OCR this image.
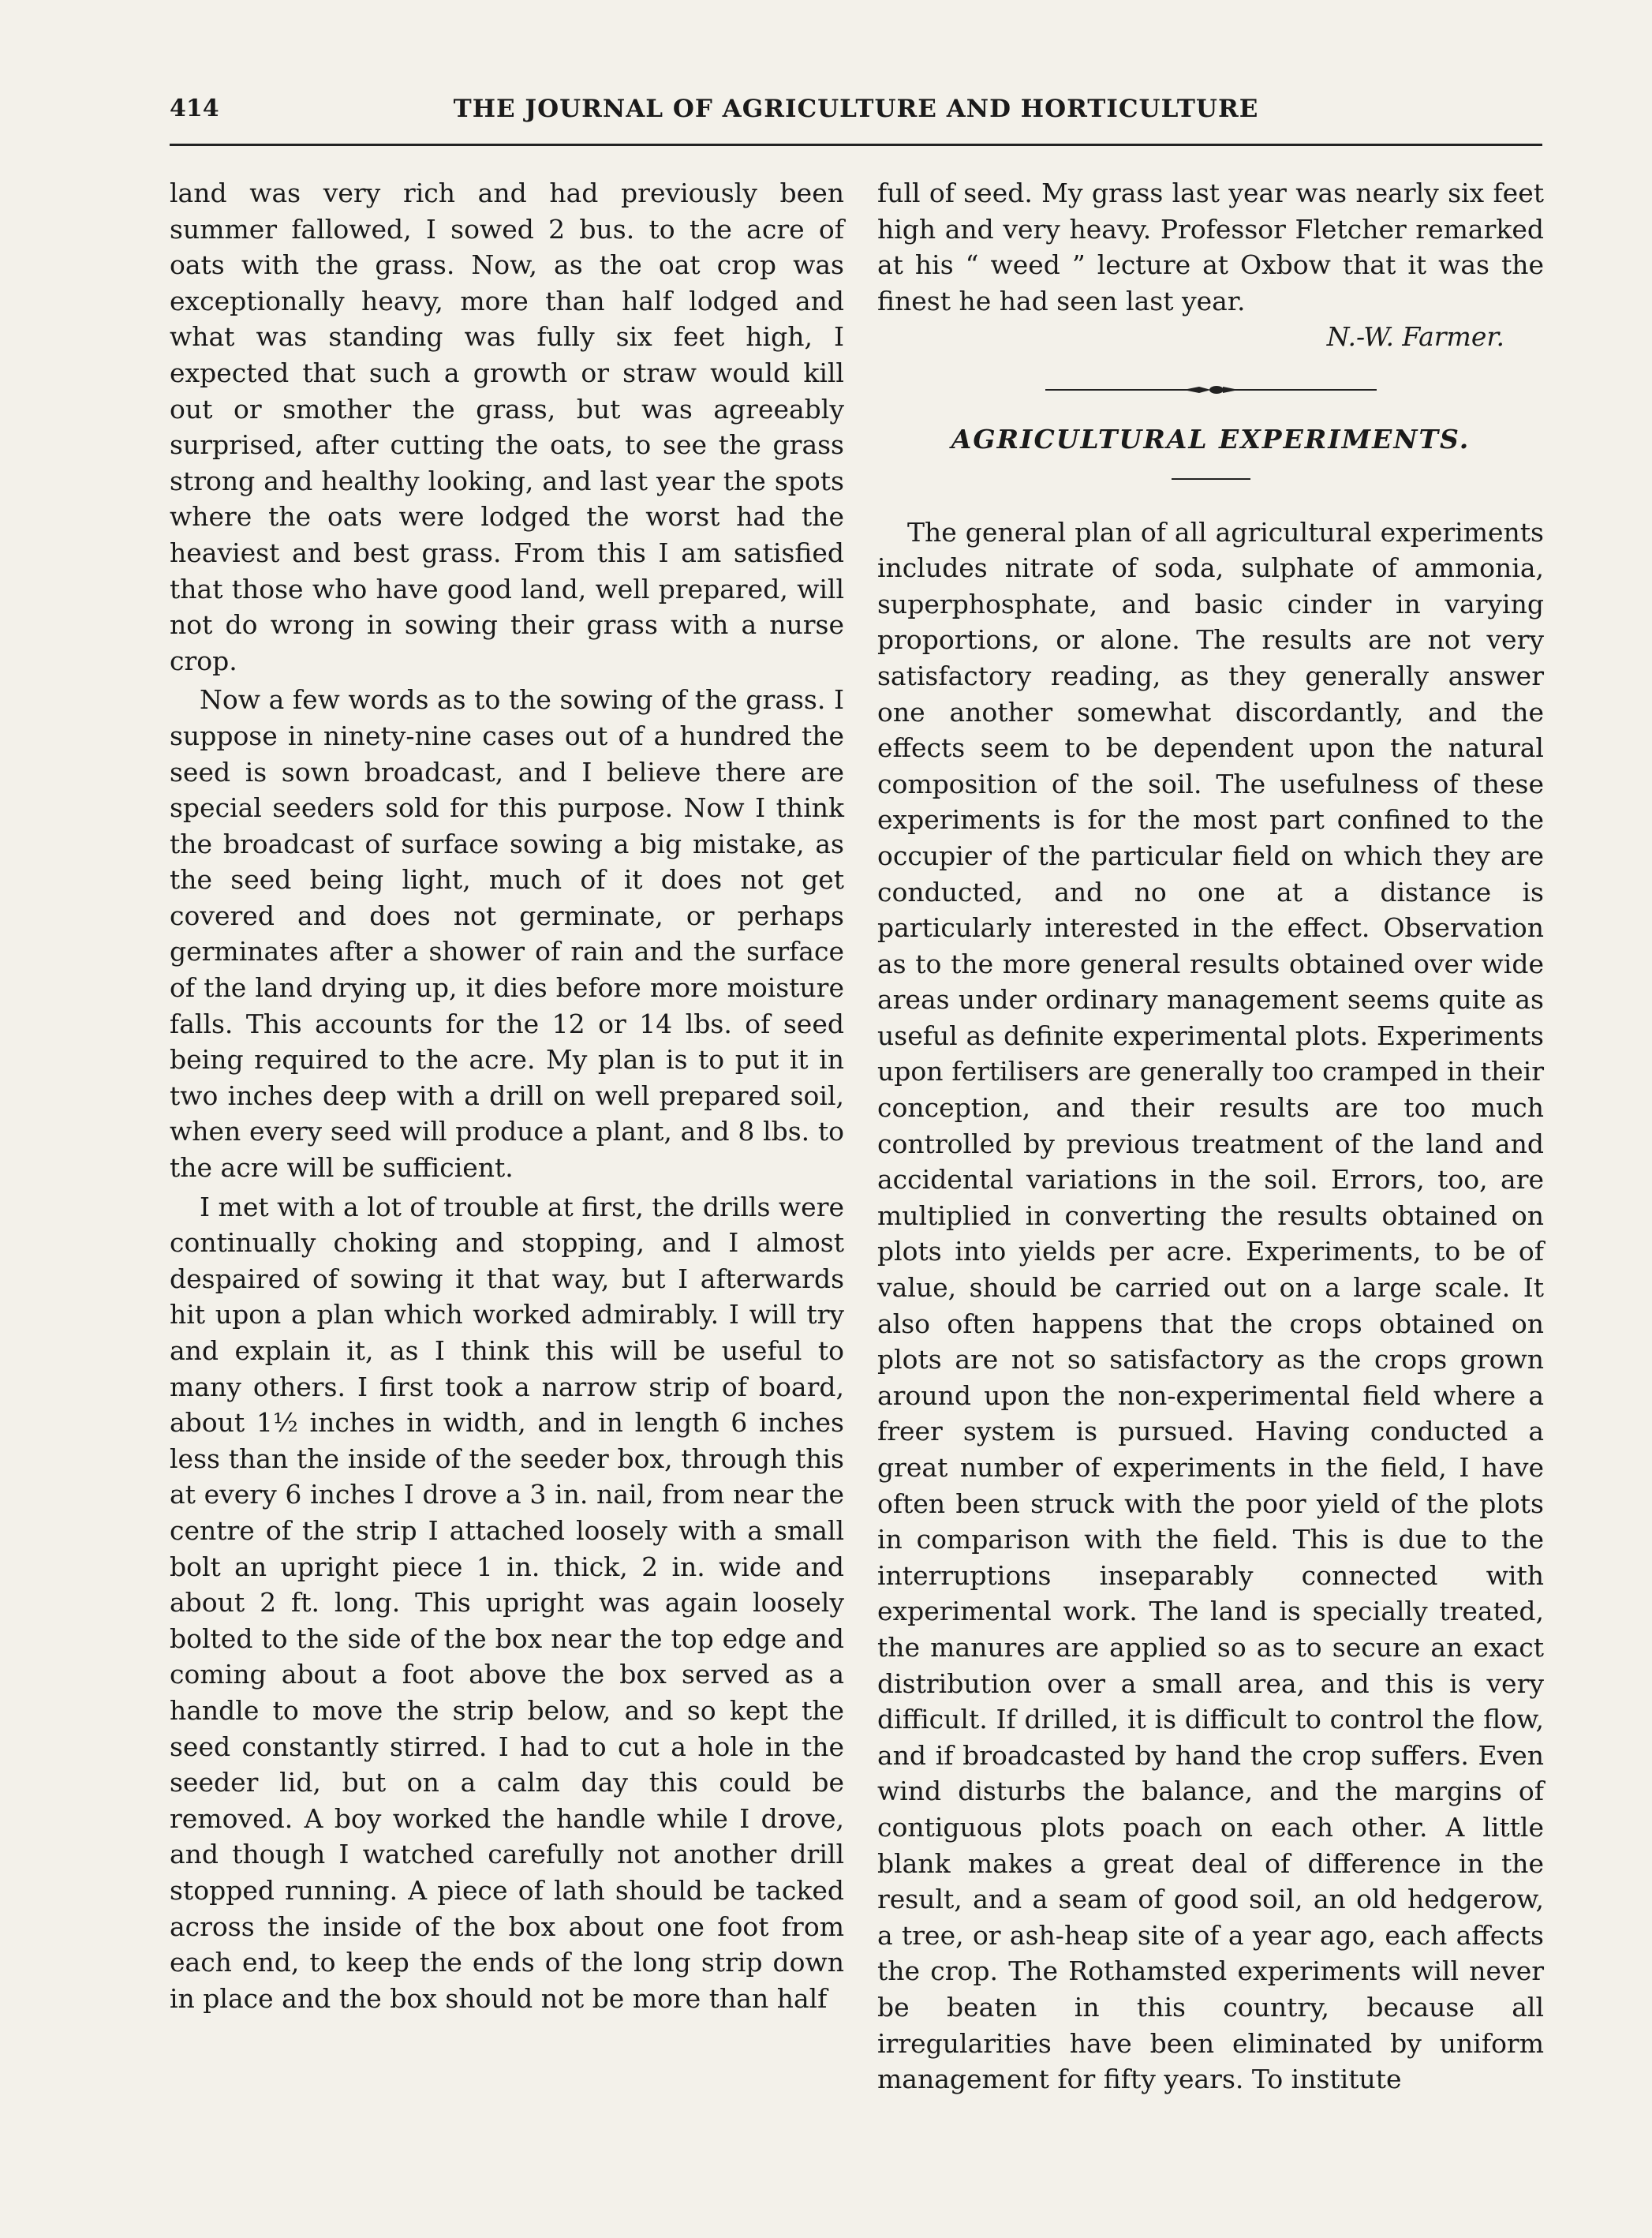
414	THE JOURNAL OF AGRICULTURE AND HORTICULTURE

land was very rich and had previously been summer fallowed, I sowed 2 bus. to the acre of oats with the grass. Now, as the oat crop was exceptionally heavy, more than half lodged and what was standing was fully six feet high, I expected that such a growth or straw would kill out or smother the grass, but was agreeably surprised, after cutting the oats, to see the grass strong and healthy looking, and last year the spots where the oats were lodged the worst had the heaviest and best grass. From this I am satisfied that those who have good land, well prepared, will not do wrong in sowing their grass with a nurse crop.

Now a few words as to the sowing of the grass. I suppose in ninety-nine cases out of a hundred the seed is sown broadcast, and I believe there are special seeders sold for this purpose. Now I think the broadcast of surface sowing a big mistake, as the seed being light, much of it does not get covered and does not germinate, or perhaps germinates after a shower of rain and the surface of the land drying up, it dies before more moisture falls. This accounts for the 12 or 14 lbs. of seed being required to the acre. My plan is to put it in two inches deep with a drill on well prepared soil, when every seed will produce a plant, and 8 lbs. to the acre will be sufficient.

I met with a lot of trouble at first, the drills were continually choking and stopping, and I almost despaired of sowing it that way, but I afterwards hit upon a plan which worked admirably. I will try and explain it, as I think this will be useful to many others. I first took a narrow strip of board, about 1½ inches in width, and in length 6 inches less than the inside of the seeder box, through this at every 6 inches I drove a 3 in. nail, from near the centre of the strip I attached loosely with a small bolt an upright piece 1 in. thick, 2 in. wide and about 2 ft. long. This upright was again loosely bolted to the side of the box near the top edge and coming about a foot above the box served as a handle to move the strip below, and so kept the seed constantly stirred. I had to cut a hole in the seeder lid, but on a calm day this could be removed. A boy worked the handle while I drove, and though I watched carefully not another drill stopped running. A piece of lath should be tacked across the inside of the box about one foot from each end, to keep the ends of the long strip down in place and the box should not be more than half

full of seed. My grass last year was nearly six feet high and very heavy. Professor Fletcher remarked at his “ weed ” lecture at Oxbow that it was the finest he had seen last year.

N.-W. Farmer.

AGRICULTURAL EXPERIMENTS.

The general plan of all agricultural experiments includes nitrate of soda, sulphate of ammonia, superphosphate, and basic cinder in varying proportions, or alone. The results are not very satisfactory reading, as they generally answer one another somewhat discordantly, and the effects seem to be dependent upon the natural composition of the soil. The usefulness of these experiments is for the most part confined to the occupier of the particular field on which they are conducted, and no one at a distance is particularly interested in the effect. Observation as to the more general results obtained over wide areas under ordinary management seems quite as useful as definite experimental plots. Experiments upon fertilisers are generally too cramped in their conception, and their results are too much controlled by previous treatment of the land and accidental variations in the soil. Errors, too, are multiplied in converting the results obtained on plots into yields per acre. Experiments, to be of value, should be carried out on a large scale. It also often happens that the crops obtained on plots are not so satisfactory as the crops grown around upon the non-experimental field where a freer system is pursued. Having conducted a great number of experiments in the field, I have often been struck with the poor yield of the plots in comparison with the field. This is due to the interruptions inseparably connected with experimental work. The land is specially treated, the manures are applied so as to secure an exact distribution over a small area, and this is very difficult. If drilled, it is difficult to control the flow, and if broadcasted by hand the crop suffers. Even wind disturbs the balance, and the margins of contiguous plots poach on each other. A little blank makes a great deal of difference in the result, and a seam of good soil, an old hedgerow, a tree, or ash-heap site of a year ago, each affects the crop. The Rothamsted experiments will never be beaten in this country, because all irregularities have been eliminated by uniform management for fifty years. To institute
